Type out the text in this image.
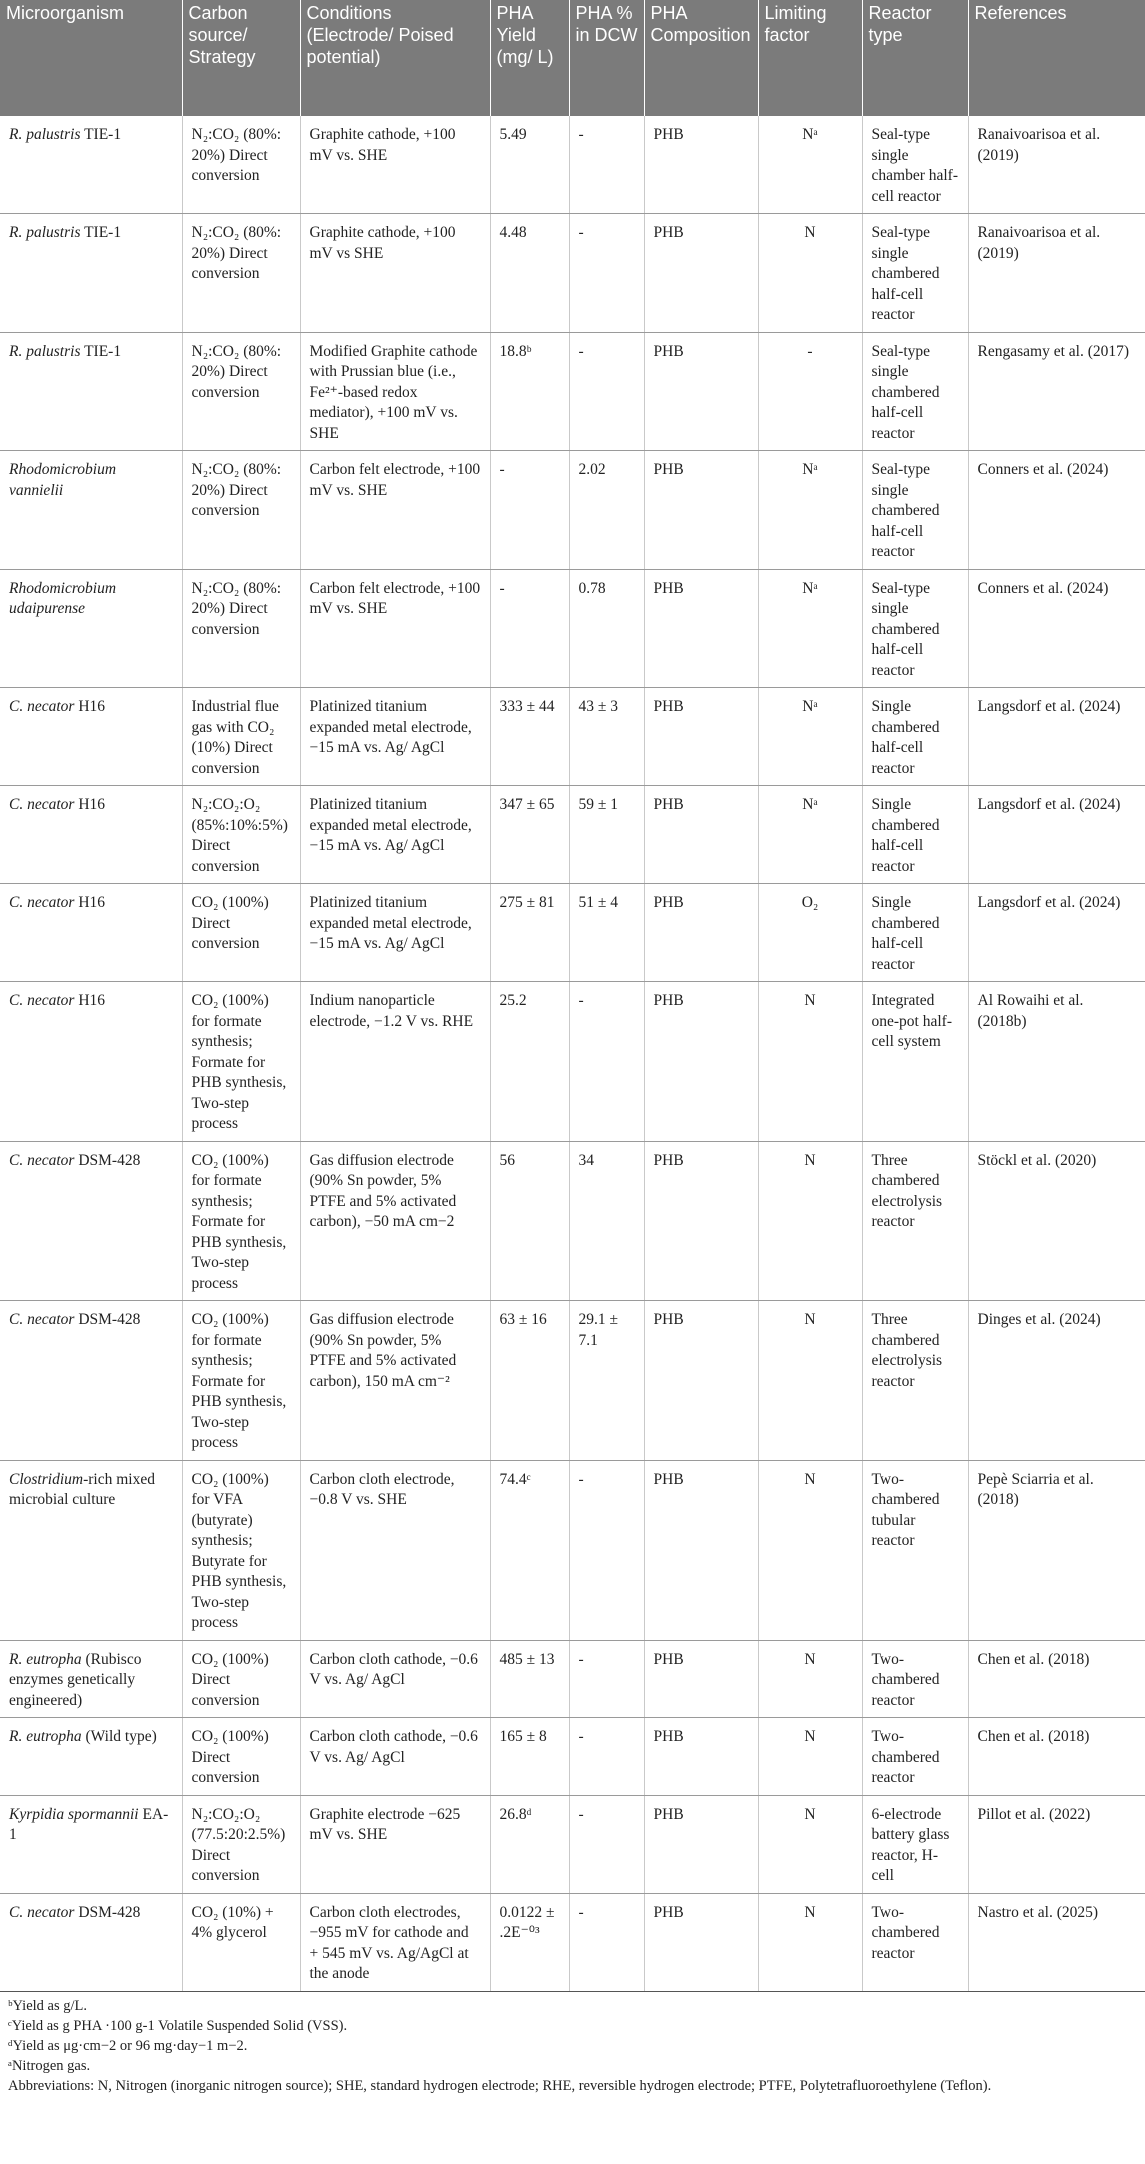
Microorganism	Carbon source/ Strategy	Conditions (Electrode/ Poised potential)	PHA Yield (mg/ L)	PHA % in DCW	PHA Composition	Limiting factor	Reactor type	References
R. palustris TIE-1	N₂:CO₂ (80%: 20%) Direct conversion	Graphite cathode, +100 mV vs. SHE	5.49	-	PHB	Nᵃ	Seal-type single chamber half-cell reactor	Ranaivoarisoa et al. (2019)
R. palustris TIE-1	N₂:CO₂ (80%: 20%) Direct conversion	Graphite cathode, +100 mV vs SHE	4.48	-	PHB	N	Seal-type single chambered half-cell reactor	Ranaivoarisoa et al. (2019)
R. palustris TIE-1	N₂:CO₂ (80%: 20%) Direct conversion	Modified Graphite cathode with Prussian blue (i.e., Fe²⁺-based redox mediator), +100 mV vs. SHE	18.8ᵇ	-	PHB	-	Seal-type single chambered half-cell reactor	Rengasamy et al. (2017)
Rhodomicrobium vannielii	N₂:CO₂ (80%: 20%) Direct conversion	Carbon felt electrode, +100 mV vs. SHE	-	2.02	PHB	Nᵃ	Seal-type single chambered half-cell reactor	Conners et al. (2024)
Rhodomicrobium udaipurense	N₂:CO₂ (80%: 20%) Direct conversion	Carbon felt electrode, +100 mV vs. SHE	-	0.78	PHB	Nᵃ	Seal-type single chambered half-cell reactor	Conners et al. (2024)
C. necator H16	Industrial flue gas with CO₂ (10%) Direct conversion	Platinized titanium expanded metal electrode, −15 mA vs. Ag/ AgCl	333 ± 44	43 ± 3	PHB	Nᵃ	Single chambered half-cell reactor	Langsdorf et al. (2024)
C. necator H16	N₂:CO₂:O₂ (85%:10%:5%) Direct conversion	Platinized titanium expanded metal electrode, −15 mA vs. Ag/ AgCl	347 ± 65	59 ± 1	PHB	Nᵃ	Single chambered half-cell reactor	Langsdorf et al. (2024)
C. necator H16	CO₂ (100%) Direct conversion	Platinized titanium expanded metal electrode, −15 mA vs. Ag/ AgCl	275 ± 81	51 ± 4	PHB	O₂	Single chambered half-cell reactor	Langsdorf et al. (2024)
C. necator H16	CO₂ (100%) for formate synthesis; Formate for PHB synthesis, Two-step process	Indium nanoparticle electrode, −1.2 V vs. RHE	25.2	-	PHB	N	Integrated one-pot half-cell system	Al Rowaihi et al. (2018b)
C. necator DSM-428	CO₂ (100%) for formate synthesis; Formate for PHB synthesis, Two-step process	Gas diffusion electrode (90% Sn powder, 5% PTFE and 5% activated carbon), −50 mA cm−2	56	34	PHB	N	Three chambered electrolysis reactor	Stöckl et al. (2020)
C. necator DSM-428	CO₂ (100%) for formate synthesis; Formate for PHB synthesis, Two-step process	Gas diffusion electrode (90% Sn powder, 5% PTFE and 5% activated carbon), 150 mA cm⁻²	63 ± 16	29.1 ± 7.1	PHB	N	Three chambered electrolysis reactor	Dinges et al. (2024)
Clostridium-rich mixed microbial culture	CO₂ (100%) for VFA (butyrate) synthesis; Butyrate for PHB synthesis, Two-step process	Carbon cloth electrode, −0.8 V vs. SHE	74.4ᶜ	-	PHB	N	Two-chambered tubular reactor	Pepè Sciarria et al. (2018)
R. eutropha (Rubisco enzymes genetically engineered)	CO₂ (100%) Direct conversion	Carbon cloth cathode, −0.6 V vs. Ag/ AgCl	485 ± 13	-	PHB	N	Two-chambered reactor	Chen et al. (2018)
R. eutropha (Wild type)	CO₂ (100%) Direct conversion	Carbon cloth cathode, −0.6 V vs. Ag/ AgCl	165 ± 8	-	PHB	N	Two-chambered reactor	Chen et al. (2018)
Kyrpidia spormannii EA-1	N₂:CO₂:O₂ (77.5:20:2.5%) Direct conversion	Graphite electrode −625 mV vs. SHE	26.8ᵈ	-	PHB	N	6-electrode battery glass reactor, H-cell	Pillot et al. (2022)
C. necator DSM-428	CO₂ (10%) + 4% glycerol	Carbon cloth electrodes, −955 mV for cathode and + 545 mV vs. Ag/AgCl at the anode	0.0122 ± .2E⁻⁰³	-	PHB	N	Two-chambered reactor	Nastro et al. (2025)
ᵇYield as g/L.
ᶜYield as g PHA ·100 g-1 Volatile Suspended Solid (VSS).
ᵈYield as μg·cm−2 or 96 mg·day−1 m−2.
ᵃNitrogen gas.
Abbreviations: N, Nitrogen (inorganic nitrogen source); SHE, standard hydrogen electrode; RHE, reversible hydrogen electrode; PTFE, Polytetrafluoroethylene (Teflon).
